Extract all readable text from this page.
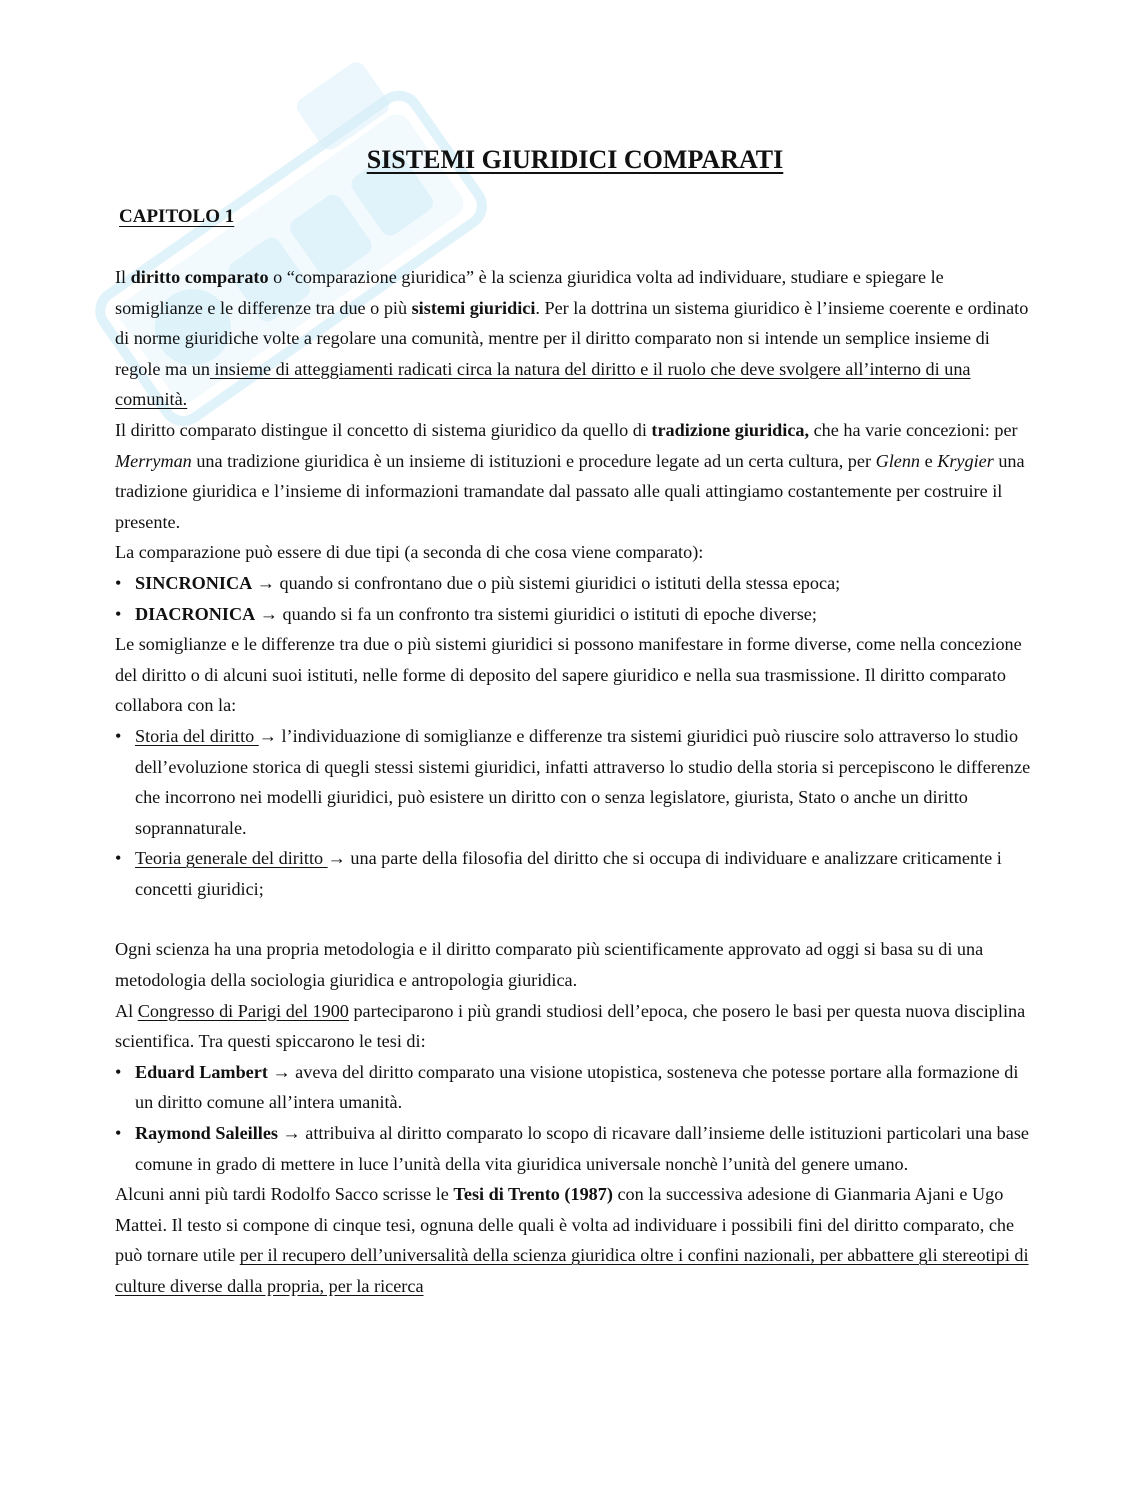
SISTEMI GIURIDICI COMPARATI
CAPITOLO 1

Il diritto comparato o “comparazione giuridica” è la scienza giuridica volta ad individuare, studiare e spiegare le somiglianze e le differenze tra due o più sistemi giuridici. Per la dottrina un sistema giuridico è l’insieme coerente e ordinato di norme giuridiche volte a regolare una comunità, mentre per il diritto comparato non si intende un semplice insieme di regole ma un insieme di atteggiamenti radicati circa la natura del diritto e il ruolo che deve svolgere all’interno di una comunità.

Il diritto comparato distingue il concetto di sistema giuridico da quello di tradizione giuridica, che ha varie concezioni: per Merryman una tradizione giuridica è un insieme di istituzioni e procedure legate ad un certa cultura, per Glenn e Krygier una tradizione giuridica e l’insieme di informazioni tramandate dal passato alle quali attingiamo costantemente per costruire il presente.

La comparazione può essere di due tipi (a seconda di che cosa viene comparato):

• SINCRONICA → quando si confrontano due o più sistemi giuridici o istituti della stessa epoca;
• DIACRONICA → quando si fa un confronto tra sistemi giuridici o istituti di epoche diverse;

Le somiglianze e le differenze tra due o più sistemi giuridici si possono manifestare in forme diverse, come nella concezione del diritto o di alcuni suoi istituti, nelle forme di deposito del sapere giuridico e nella sua trasmissione. Il diritto comparato collabora con la:

• Storia del diritto → l’individuazione di somiglianze e differenze tra sistemi giuridici può riuscire solo attraverso lo studio dell’evoluzione storica di quegli stessi sistemi giuridici, infatti attraverso lo studio della storia si percepiscono le differenze che incorrono nei modelli giuridici, può esistere un diritto con o senza legislatore, giurista, Stato o anche un diritto soprannaturale.
• Teoria generale del diritto → una parte della filosofia del diritto che si occupa di individuare e analizzare criticamente i concetti giuridici;

Ogni scienza ha una propria metodologia e il diritto comparato più scientificamente approvato ad oggi si basa su di una metodologia della sociologia giuridica e antropologia giuridica.

Al Congresso di Parigi del 1900 parteciparono i più grandi studiosi dell’epoca, che posero le basi per questa nuova disciplina scientifica. Tra questi spiccarono le tesi di:

• Eduard Lambert → aveva del diritto comparato una visione utopistica, sosteneva che potesse portare alla formazione di un diritto comune all’intera umanità.
• Raymond Saleilles → attribuiva al diritto comparato lo scopo di ricavare dall’insieme delle istituzioni particolari una base comune in grado di mettere in luce l’unità della vita giuridica universale nonchè l’unità del genere umano.

Alcuni anni più tardi Rodolfo Sacco scrisse le Tesi di Trento (1987) con la successiva adesione di Gianmaria Ajani e Ugo Mattei. Il testo si compone di cinque tesi, ognuna delle quali è volta ad individuare i possibili fini del diritto comparato, che può tornare utile per il recupero dell’universalità della scienza giuridica oltre i confini nazionali, per abbattere gli stereotipi di culture diverse dalla propria, per la ricerca
